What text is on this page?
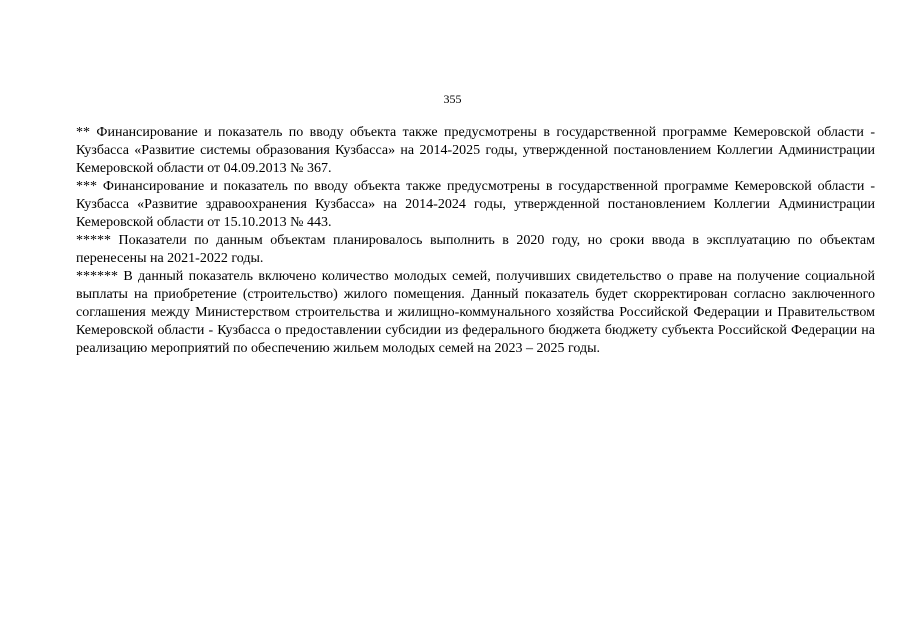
355

** Финансирование и показатель по вводу объекта также предусмотрены в государственной программе Кемеровской области - Кузбасса «Развитие системы образования Кузбасса» на 2014-2025 годы, утвержденной постановлением Коллегии Администрации Кемеровской области от 04.09.2013 № 367.

*** Финансирование и показатель по вводу объекта также предусмотрены в государственной программе Кемеровской области - Кузбасса «Развитие здравоохранения Кузбасса» на 2014-2024 годы, утвержденной постановлением Коллегии Администрации Кемеровской области от 15.10.2013 № 443.

***** Показатели по данным объектам планировалось выполнить в 2020 году, но сроки ввода в эксплуатацию по объектам перенесены на 2021-2022 годы.

****** В данный показатель включено количество молодых семей, получивших свидетельство о праве на получение социальной выплаты на приобретение (строительство) жилого помещения. Данный показатель будет скорректирован согласно заключенного соглашения между Министерством строительства и жилищно-коммунального хозяйства Российской Федерации и Правительством Кемеровской области - Кузбасса о предоставлении субсидии из федерального бюджета бюджету субъекта Российской Федерации на реализацию мероприятий по обеспечению жильем молодых семей на 2023 – 2025 годы.
